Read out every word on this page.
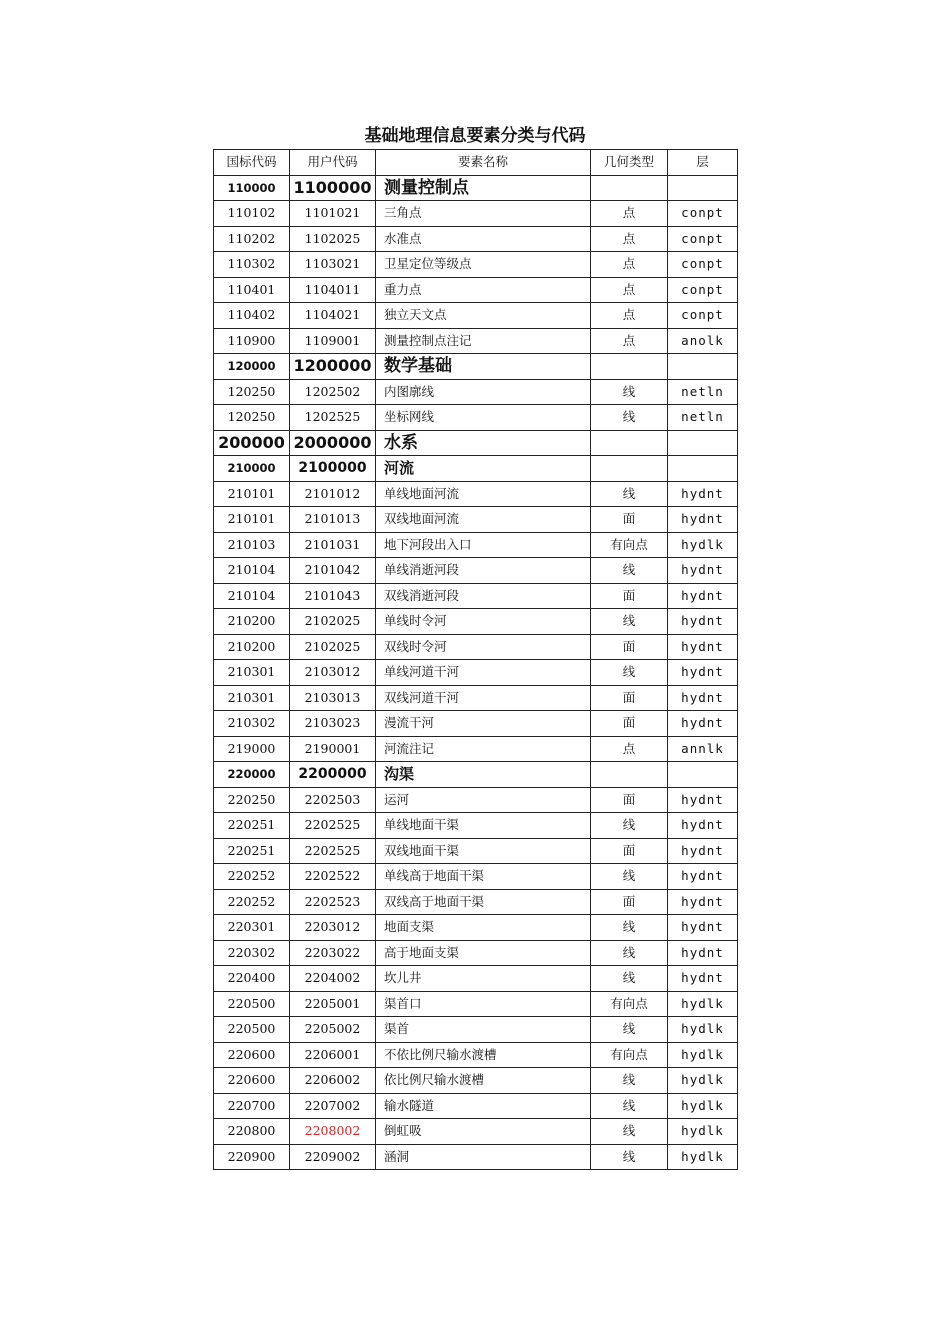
基础地理信息要素分类与代码
国标代码	用户代码	要素名称	几何类型	层
110000	1100000	测量控制点		
110102	1101021	三角点	点	conpt
110202	1102025	水准点	点	conpt
110302	1103021	卫星定位等级点	点	conpt
110401	1104011	重力点	点	conpt
110402	1104021	独立天文点	点	conpt
110900	1109001	测量控制点注记	点	anolk
120000	1200000	数学基础		
120250	1202502	内图廓线	线	netln
120250	1202525	坐标网线	线	netln
200000	2000000	水系		
210000	2100000	河流		
210101	2101012	单线地面河流	线	hydnt
210101	2101013	双线地面河流	面	hydnt
210103	2101031	地下河段出入口	有向点	hydlk
210104	2101042	单线消逝河段	线	hydnt
210104	2101043	双线消逝河段	面	hydnt
210200	2102025	单线时令河	线	hydnt
210200	2102025	双线时令河	面	hydnt
210301	2103012	单线河道干河	线	hydnt
210301	2103013	双线河道干河	面	hydnt
210302	2103023	漫流干河	面	hydnt
219000	2190001	河流注记	点	annlk
220000	2200000	沟渠		
220250	2202503	运河	面	hydnt
220251	2202525	单线地面干渠	线	hydnt
220251	2202525	双线地面干渠	面	hydnt
220252	2202522	单线高于地面干渠	线	hydnt
220252	2202523	双线高于地面干渠	面	hydnt
220301	2203012	地面支渠	线	hydnt
220302	2203022	高于地面支渠	线	hydnt
220400	2204002	坎儿井	线	hydnt
220500	2205001	渠首口	有向点	hydlk
220500	2205002	渠首	线	hydlk
220600	2206001	不依比例尺输水渡槽	有向点	hydlk
220600	2206002	依比例尺输水渡槽	线	hydlk
220700	2207002	输水隧道	线	hydlk
220800	2208002	倒虹吸	线	hydlk
220900	2209002	涵洞	线	hydlk
